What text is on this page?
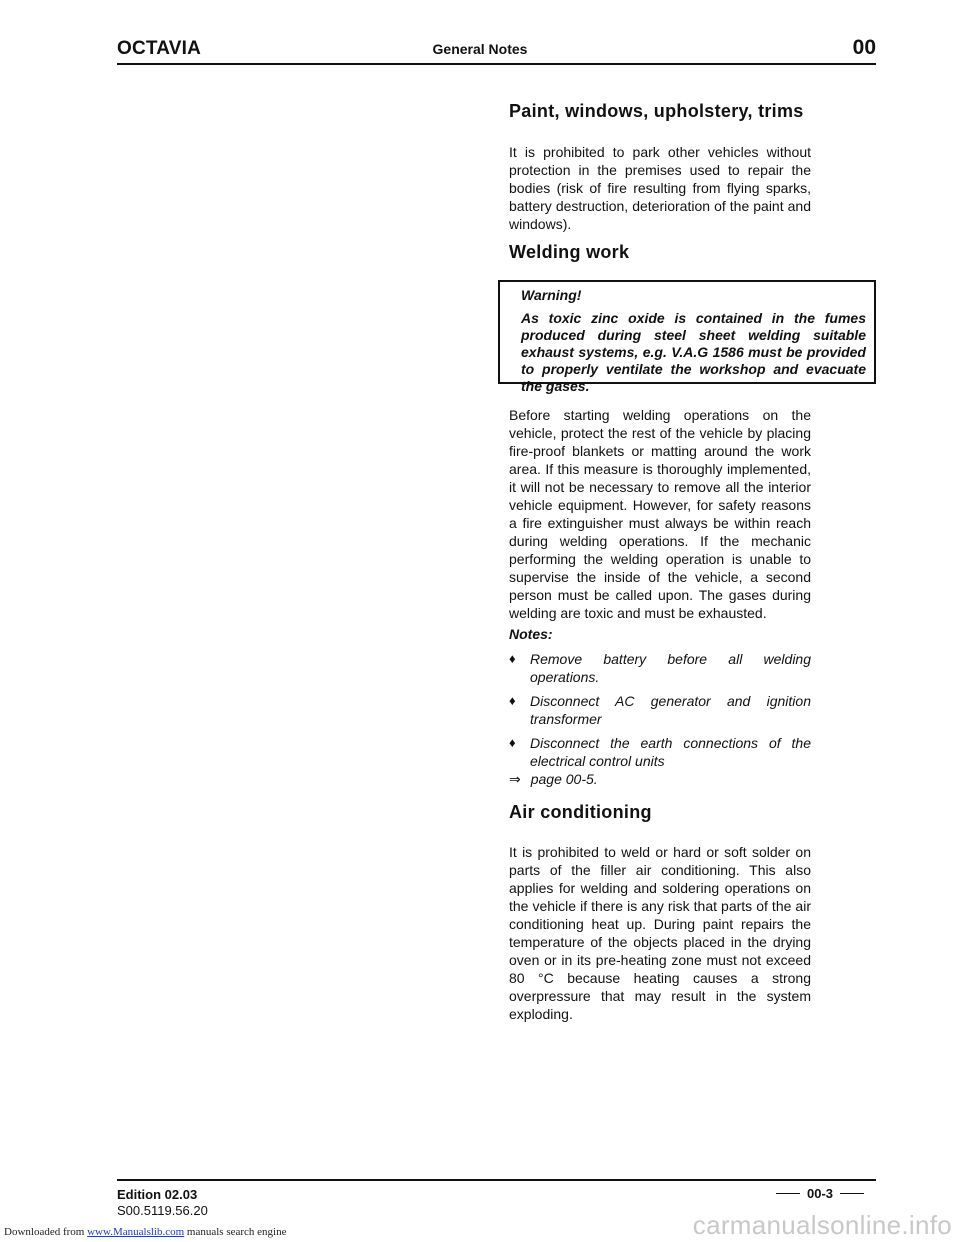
OCTAVIA	General Notes	00
Paint, windows, upholstery, trims

It is prohibited to park other vehicles without protection in the premises used to repair the bodies (risk of fire resulting from flying sparks, battery destruction, deterioration of the paint and windows).

Welding work
Warning!

As toxic zinc oxide is contained in the fumes produced during steel sheet welding suitable exhaust systems, e.g. V.A.G 1586 must be provided to properly ventilate the workshop and evacuate the gases.

Before starting welding operations on the vehicle, protect the rest of the vehicle by placing fire-proof blankets or matting around the work area. If this measure is thoroughly implemented, it will not be necessary to remove all the interior vehicle equipment. However, for safety reasons a fire extinguisher must always be within reach during welding operations. If the mechanic performing the welding operation is unable to supervise the inside of the vehicle, a second person must be called upon. The gases during welding are toxic and must be exhausted.

Notes:
♦ Remove battery before all welding operations.
♦ Disconnect AC generator and ignition transformer
♦ Disconnect the earth connections of the electrical control units
⇒ page 00-5.
Air conditioning

It is prohibited to weld or hard or soft solder on parts of the filler air conditioning. This also applies for welding and soldering operations on the vehicle if there is any risk that parts of the air conditioning heat up. During paint repairs the temperature of the objects placed in the drying oven or in its pre-heating zone must not exceed 80 °C because heating causes a strong overpressure that may result in the system exploding.

Edition 02.03
S00.5119.56.20
00-3
Downloaded from www.Manualslib.com manuals search engine	carmanualsonline.info
